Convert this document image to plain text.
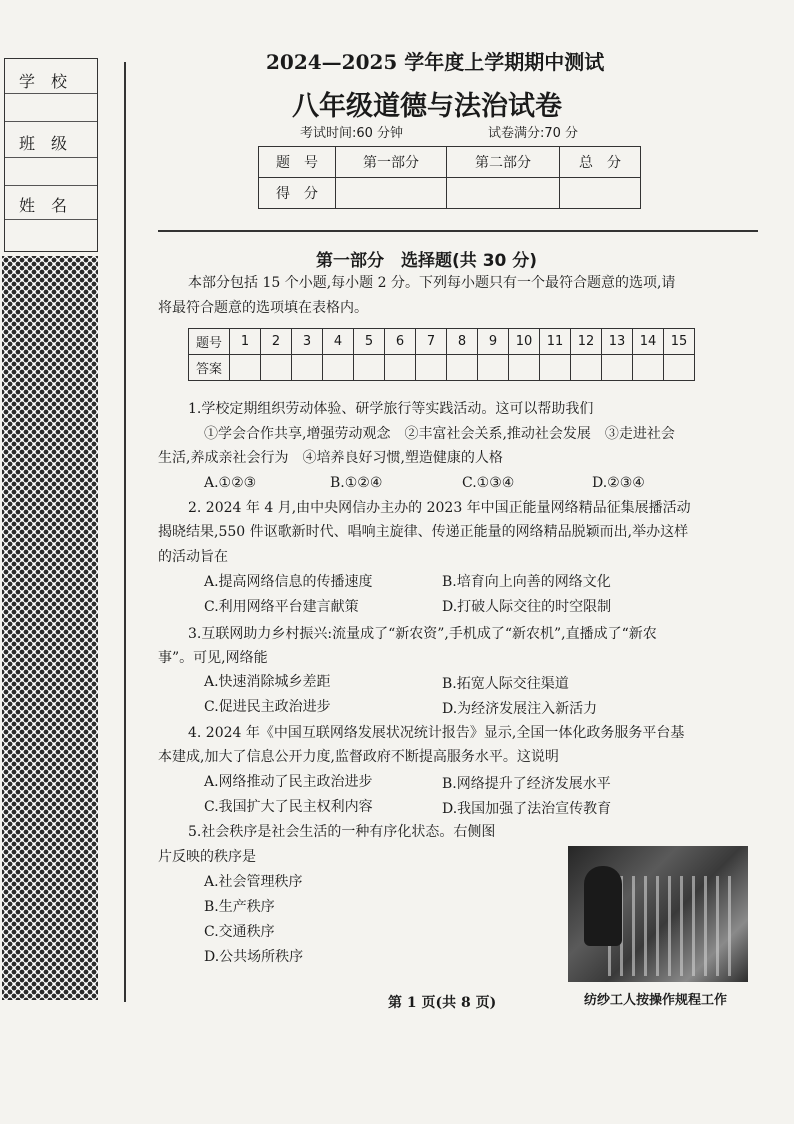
学　校
班　级
姓　名
2024—2025 学年度上学期期中测试
八年级道德与法治试卷
考试时间:60 分钟	试卷满分:70 分
题　号	第一部分	第二部分	总　分
得　分			
第一部分　选择题(共 30 分)
本部分包括 15 个小题,每小题 2 分。下列每小题只有一个最符合题意的选项,请
将最符合题意的选项填在表格内。
题号	1	2	3	4	5	6	7	8	9	10	11	12	13	14	15
答案															
1.学校定期组织劳动体验、研学旅行等实践活动。这可以帮助我们
①学会合作共享,增强劳动观念　②丰富社会关系,推动社会发展　③走进社会
生活,养成亲社会行为　④培养良好习惯,塑造健康的人格
A.①②③	B.①②④	C.①③④	D.②③④
2. 2024 年 4 月,由中央网信办主办的 2023 年中国正能量网络精品征集展播活动
揭晓结果,550 件讴歌新时代、唱响主旋律、传递正能量的网络精品脱颖而出,举办这样
的活动旨在
A.提高网络信息的传播速度	B.培育向上向善的网络文化
C.利用网络平台建言献策	D.打破人际交往的时空限制
3.互联网助力乡村振兴:流量成了“新农资”,手机成了“新农机”,直播成了“新农
事”。可见,网络能
A.快速消除城乡差距	B.拓宽人际交往渠道
C.促进民主政治进步	D.为经济发展注入新活力
4. 2024 年《中国互联网络发展状况统计报告》显示,全国一体化政务服务平台基
本建成,加大了信息公开力度,监督政府不断提高服务水平。这说明
A.网络推动了民主政治进步	B.网络提升了经济发展水平
C.我国扩大了民主权利内容	D.我国加强了法治宣传教育
5.社会秩序是社会生活的一种有序化状态。右侧图
片反映的秩序是
A.社会管理秩序
B.生产秩序
C.交通秩序
D.公共场所秩序
纺纱工人按操作规程工作
第 1 页(共 8 页)
